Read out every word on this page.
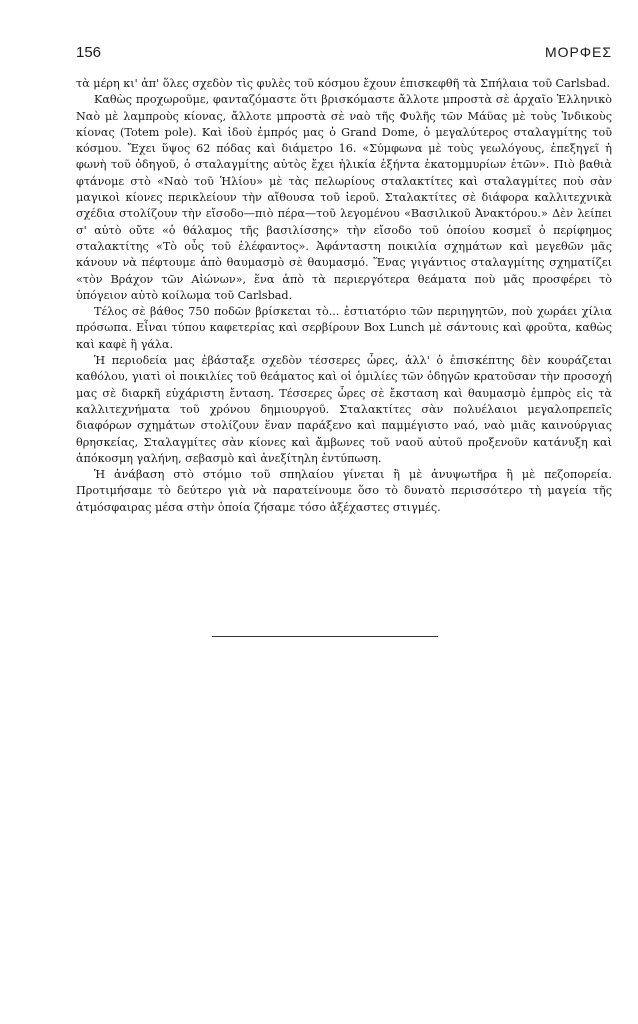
156	ΜΟΡΦΕΣ

τὰ μέρη κι' ἀπ' ὅλες σχεδὸν τὶς φυλὲς τοῦ κόσμου ἔχουν ἐπισκεφθῆ τὰ Σπήλαια τοῦ Carlsbad.

Καθὼς προχωροῦμε, φανταζόμαστε ὅτι βρισκόμαστε ἄλλοτε μπροστὰ σὲ ἀρχαῖο Ἑλληνικὸ Ναὸ μὲ λαμπροὺς κίονας, ἄλλοτε μπροστὰ σὲ ναὸ τῆς Φυλῆς τῶν Μάϋας μὲ τοὺς Ἰνδικοὺς κίονας (Totem pole). Καὶ ἰδοὺ ἐμπρός μας ὁ Grand Dome, ὁ μεγαλύτερος σταλαγμίτης τοῦ κόσμου. Ἔχει ὕψος 62 πόδας καὶ διάμετρο 16. «Σύμφωνα μὲ τοὺς γεωλόγους, ἐπεξηγεῖ ἡ φωνὴ τοῦ ὁδηγοῦ, ὁ σταλαγμίτης αὐτὸς ἔχει ἡλικία ἑξήντα ἑκατομμυρίων ἐτῶν». Πιὸ βαθιὰ φτάνομε στὸ «Ναὸ τοῦ Ἡλίου» μὲ τὰς πελωρίους σταλακτίτες καὶ σταλαγμίτες ποὺ σὰν μαγικοὶ κίονες περικλείουν τὴν αἴθουσα τοῦ ἱεροῦ. Σταλακτίτες σὲ διάφορα καλλιτεχνικὰ σχέδια στολίζουν τὴν εἴσοδο—πιὸ πέρα—τοῦ λεγομένου «Βασιλικοῦ Ἀνακτόρου.» Δὲν λείπει σ' αὐτὸ οὔτε «ὁ θάλαμος τῆς βασιλίσσης» τὴν εἴσοδο τοῦ ὁποίου κοσμεῖ ὁ περίφημος σταλακτίτης «Τὸ οὖς τοῦ ἐλέφαντος». Ἀφάνταστη ποικιλία σχημάτων καὶ μεγεθῶν μᾶς κάνουν νὰ πέφτουμε ἀπὸ θαυμασμὸ σὲ θαυμασμό. Ἕνας γιγάντιος σταλαγμίτης σχηματίζει «τὸν Βράχον τῶν Αἰώνων», ἕνα ἀπὸ τὰ περιεργότερα θεάματα ποὺ μᾶς προσφέρει τὸ ὑπόγειον αὐτὸ κοίλωμα τοῦ Carlsbad.

Τέλος σὲ βάθος 750 ποδῶν βρίσκεται τὸ... ἑστιατόριο τῶν περιηγητῶν, ποὺ χωράει χίλια πρόσωπα. Εἶναι τύπου καφετερίας καὶ σερβίρουν Box Lunch μὲ σάντουις καὶ φροῦτα, καθὼς καὶ καφὲ ἢ γάλα.

Ἡ περιοδεία μας ἐβάσταξε σχεδὸν τέσσερες ὧρες, ἀλλ' ὁ ἐπισκέπτης δὲν κουράζεται καθόλου, γιατὶ οἱ ποικιλίες τοῦ θεάματος καὶ οἱ ὁμιλίες τῶν ὁδηγῶν κρατοῦσαν τὴν προσοχή μας σὲ διαρκῆ εὐχάριστη ἔνταση. Τέσσερες ὧρες σὲ ἔκσταση καὶ θαυμασμὸ ἐμπρὸς εἰς τὰ καλλιτεχνήματα τοῦ χρόνου δημιουργοῦ. Σταλακτίτες σὰν πολυέλαιοι μεγαλοπρεπεῖς διαφόρων σχημάτων στολίζουν ἕναν παράξενο καὶ παμμέγιστο ναό, ναὸ μιᾶς καινούργιας θρησκείας, Σταλαγμίτες σὰν κίονες καὶ ἄμβωνες τοῦ ναοῦ αὐτοῦ προξενοῦν κατάνυξη καὶ ἀπόκοσμη γαλήνη, σεβασμὸ καὶ ἀνεξίτηλη ἐντύπωση.

Ἡ ἀνάβαση στὸ στόμιο τοῦ σπηλαίου γίνεται ἢ μὲ ἀνυψωτῆρα ἢ μὲ πεζοπορεία. Προτιμήσαμε τὸ δεύτερο γιὰ νὰ παρατείνουμε ὅσο τὸ δυνατὸ περισσότερο τὴ μαγεία τῆς ἀτμόσφαιρας μέσα στὴν ὁποία ζήσαμε τόσο ἀξέχαστες στιγμές.
